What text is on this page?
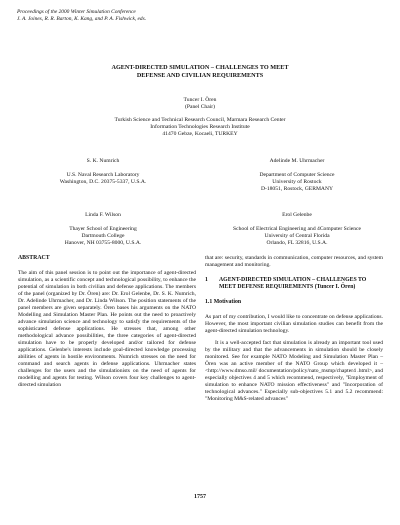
Proceedings of the 2000 Winter Simulation Conference
J. A. Joines, R. R. Barton, K. Kang, and P. A. Fishwick, eds.
AGENT-DIRECTED SIMULATION – CHALLENGES TO MEET
DEFENSE AND CIVILIAN REQUIREMENTS
Tuncer I. Ören
(Panel Chair)
Turkish Science and Technical Research Council, Marmara Research Center
Information Technologies Research Institute
41470 Gebze, Kocaeli, TURKEY
S. K. Numrich
U.S. Naval Research Laboratory
Washington, D.C. 20375-5337, U.S.A.
Adelinde M. Uhrmacher
Department of Computer Science
University of Rostock
D-18051, Rostock, GERMANY
Linda F. Wilson
Thayer School of Engineering
Dartmouth College
Hanover, NH 03755-8000, U.S.A.
Erol Gelenbe
School of Electrical Engineering and 4Computer Science
University of Central Florida
Orlando, FL 32816, U.S.A.
ABSTRACT
The aim of this panel session is to point out the importance of agent-directed simulation, as a scientific concept and technological possibility, to enhance the potential of simulation in both civilian and defense applications. The members of the panel (organized by Dr. Ören) are: Dr. Erol Gelenbe, Dr. S. K. Numrich, Dr. Adelinde Uhrmacher, and Dr. Linda Wilson. The position statements of the panel members are given separately. Ören bases his arguments on the NATO Modelling and Simulation Master Plan. He points out the need to proactively advance simulation science and technology to satisfy the requirements of the sophisticated defense applications. He stresses that, among other methodological advance possibilities, the three categories of agent-directed simulation have to be properly developed and/or tailored for defense applications. Gelenbe's interests include goal-directed knowledge processing abilities of agents in hostile environments. Numrich stresses on the need for command and search agents in defense applications. Uhrmacher states challenges for the users and the simulationists on the need of agents for modelling and agents for testing. Wilson covers four key challenges to agent-directed simulation
that are: security, standards in communication, computer resources, and system management and monitoring.
1	AGENT-DIRECTED SIMULATION – CHALLENGES TO MEET DEFENSE REQUIREMENTS (Tuncer I. Ören)
1.1 Motivation
As part of my contribution, I would like to concentrate on defense applications. However, the most important civilian simulation studies can benefit from the agent-directed simulation technology.
It is a well-accepted fact that simulation is already an important tool used by the military and that the advancements in simulation should be closely monitored. See for example NATO Modeling and Simulation Master Plan – Ören was an active member of the NATO Group which developed it – <http://www.dmso.mil/ documentation/policy/nato_msmp/chapter4 .html>, and especially objectives 4 and 5 which recommend, respectively, "Employment of simulation to enhance NATO mission effectiveness" and "Incorporation of technological advances." Especially sub-objectives 5.1 and 5.2 recommend: "Monitoring M&S-related advances"
1757
